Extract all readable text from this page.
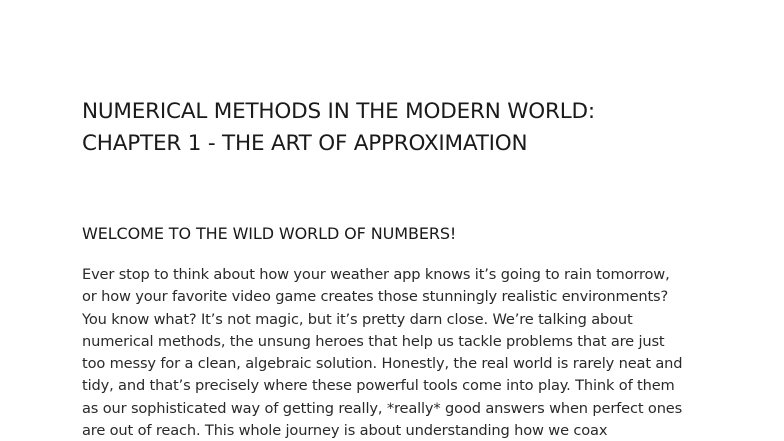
NUMERICAL METHODS IN THE MODERN WORLD:
CHAPTER 1 - THE ART OF APPROXIMATION
WELCOME TO THE WILD WORLD OF NUMBERS!

Ever stop to think about how your weather app knows it’s going to rain tomorrow,
or how your favorite video game creates those stunningly realistic environments?
You know what? It’s not magic, but it’s pretty darn close. We’re talking about
numerical methods, the unsung heroes that help us tackle problems that are just
too messy for a clean, algebraic solution. Honestly, the real world is rarely neat and
tidy, and that’s precisely where these powerful tools come into play. Think of them
as our sophisticated way of getting really, *really* good answers when perfect ones
are out of reach. This whole journey is about understanding how we coax
